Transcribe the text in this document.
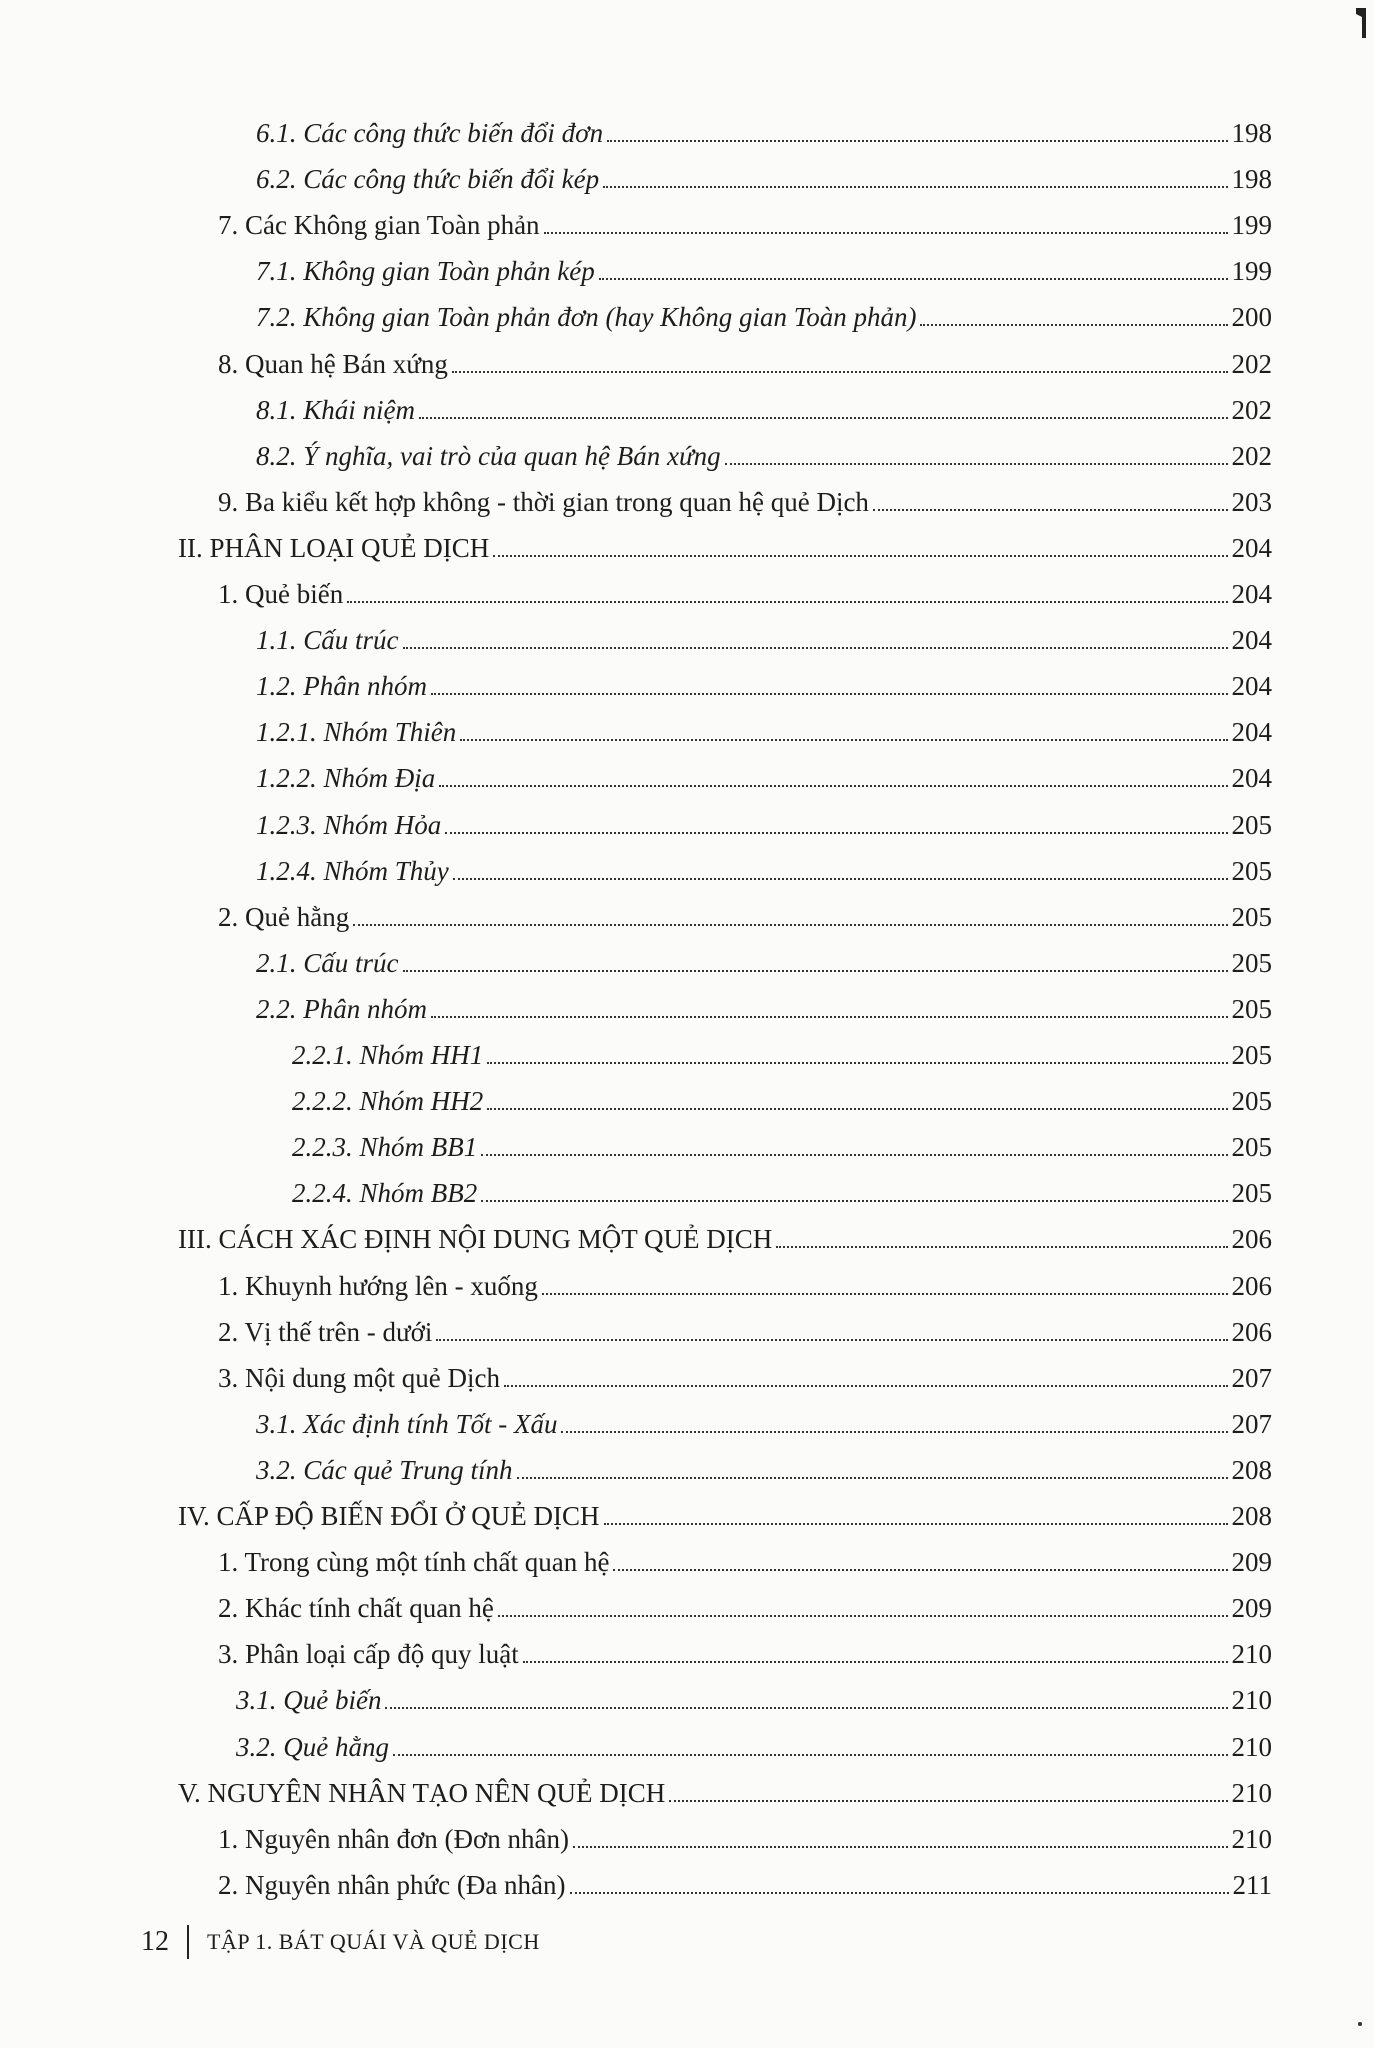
6.1. Các công thức biến đổi đơn	198
6.2. Các công thức biến đổi kép	198
7. Các Không gian Toàn phản	199
7.1. Không gian Toàn phản kép	199
7.2. Không gian Toàn phản đơn (hay Không gian Toàn phản)	200
8. Quan hệ Bán xứng	202
8.1. Khái niệm	202
8.2. Ý nghĩa, vai trò của quan hệ Bán xứng	202
9. Ba kiểu kết hợp không - thời gian trong quan hệ quẻ Dịch	203
II. PHÂN LOẠI QUẺ DỊCH	204
1. Quẻ biến	204
1.1. Cấu trúc	204
1.2. Phân nhóm	204
1.2.1. Nhóm Thiên	204
1.2.2. Nhóm Địa	204
1.2.3. Nhóm Hỏa	205
1.2.4. Nhóm Thủy	205
2. Quẻ hằng	205
2.1. Cấu trúc	205
2.2. Phân nhóm	205
2.2.1. Nhóm HH1	205
2.2.2. Nhóm HH2	205
2.2.3. Nhóm BB1	205
2.2.4. Nhóm BB2	205
III. CÁCH XÁC ĐỊNH NỘI DUNG MỘT QUẺ DỊCH	206
1. Khuynh hướng lên - xuống	206
2. Vị thế trên - dưới	206
3. Nội dung một quẻ Dịch	207
3.1. Xác định tính Tốt - Xấu	207
3.2. Các quẻ Trung tính	208
IV. CẤP ĐỘ BIẾN ĐỔI Ở QUẺ DỊCH	208
1. Trong cùng một tính chất quan hệ	209
2. Khác tính chất quan hệ	209
3. Phân loại cấp độ quy luật	210
3.1. Quẻ biến	210
3.2. Quẻ hằng	210
V. NGUYÊN NHÂN TẠO NÊN QUẺ DỊCH	210
1. Nguyên nhân đơn (Đơn nhân)	210
2. Nguyên nhân phức (Đa nhân)	211
12 TẬP 1. BÁT QUÁI VÀ QUẺ DỊCH
